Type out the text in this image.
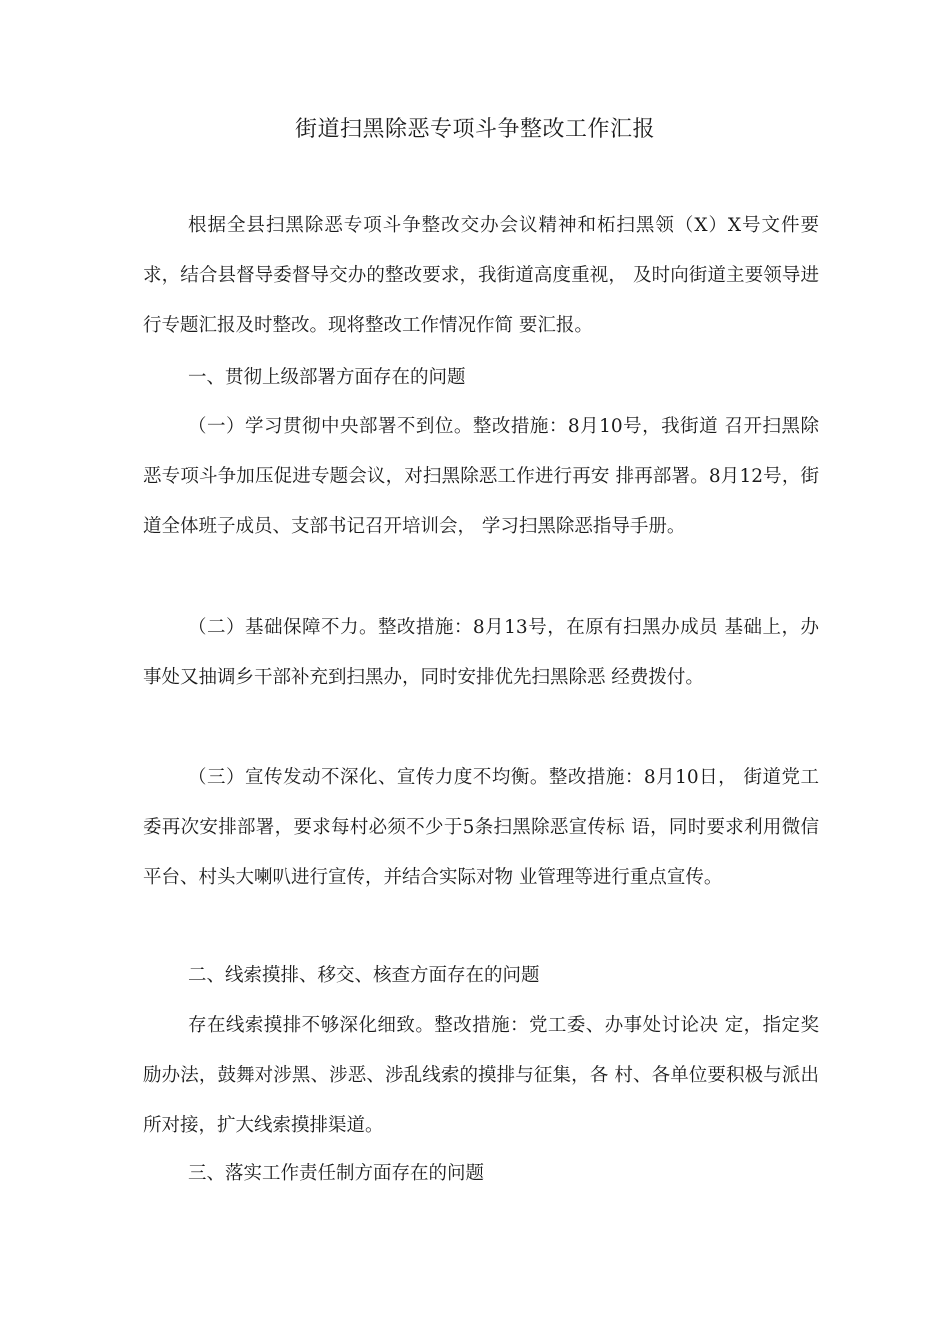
街道扫黑除恶专项斗争整改工作汇报

根据全县扫黑除恶专项斗争整改交办会议精神和柘扫黑领（X）X号文件要求，结合县督导委督导交办的整改要求，我街道高度重视， 及时向街道主要领导进行专题汇报及时整改。现将整改工作情况作简 要汇报。

一、贯彻上级部署方面存在的问题

（一）学习贯彻中央部署不到位。整改措施：8月10号，我街道 召开扫黑除恶专项斗争加压促进专题会议，对扫黑除恶工作进行再安 排再部署。8月12号，街道全体班子成员、支部书记召开培训会， 学习扫黑除恶指导手册。

（二）基础保障不力。整改措施：8月13号，在原有扫黑办成员 基础上，办事处又抽调乡干部补充到扫黑办，同时安排优先扫黑除恶 经费拨付。

（三）宣传发动不深化、宣传力度不均衡。整改措施：8月10日， 街道党工委再次安排部署，要求每村必须不少于5条扫黑除恶宣传标 语，同时要求利用微信平台、村头大喇叭进行宣传，并结合实际对物 业管理等进行重点宣传。

二、线索摸排、移交、核查方面存在的问题

存在线索摸排不够深化细致。整改措施：党工委、办事处讨论决 定，指定奖励办法，鼓舞对涉黑、涉恶、涉乱线索的摸排与征集，各 村、各单位要积极与派出所对接，扩大线索摸排渠道。

三、落实工作责任制方面存在的问题
